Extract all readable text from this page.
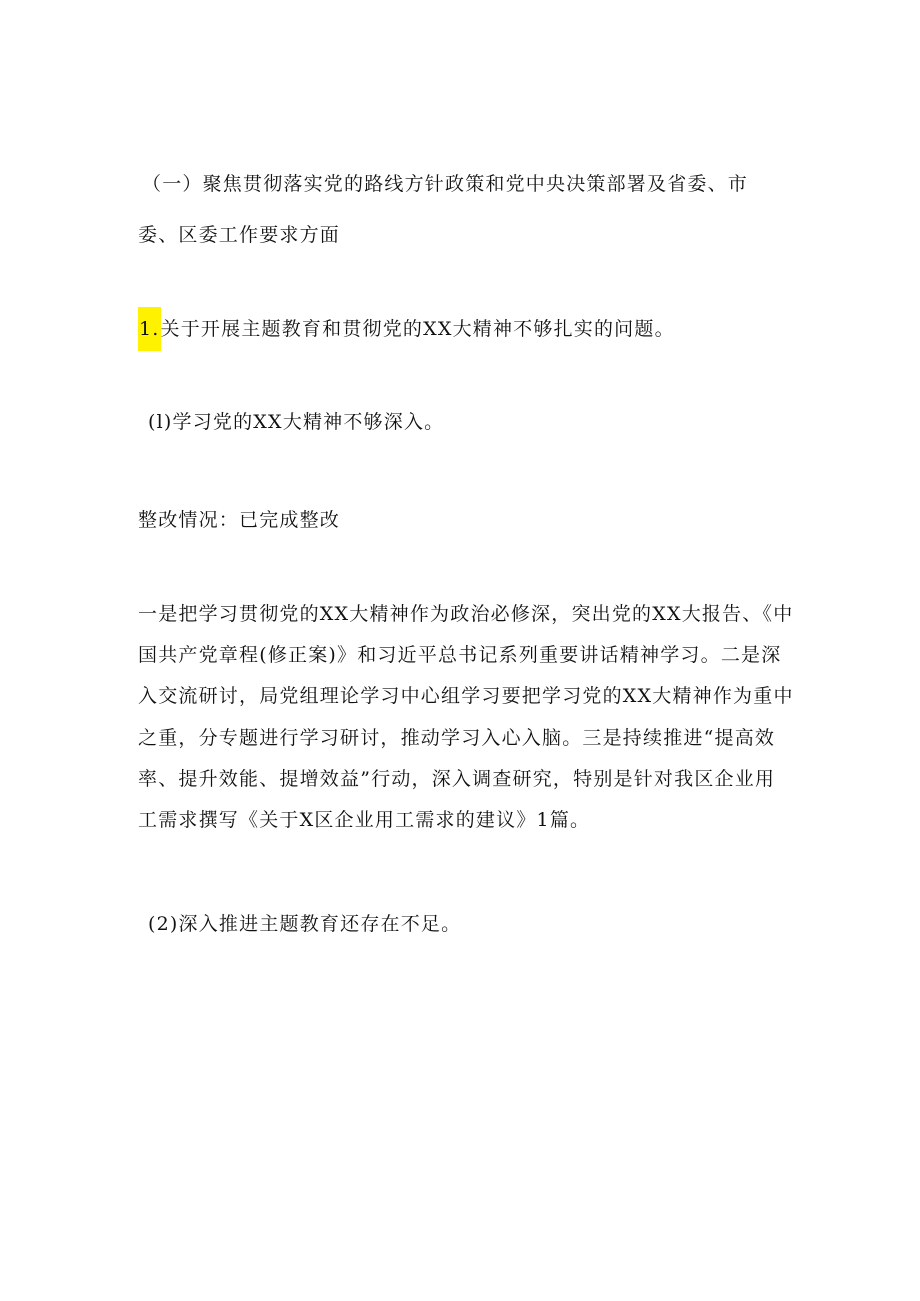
（一）聚焦贯彻落实党的路线方针政策和党中央决策部署及省委、市
委、区委工作要求方面
1.关于开展主题教育和贯彻党的XX大精神不够扎实的问题。
(l)学习党的XX大精神不够深入。
整改情况：已完成整改
一是把学习贯彻党的XX大精神作为政治必修深，突出党的XX大报告、《中
国共产党章程(修正案)》和习近平总书记系列重要讲话精神学习。二是深
入交流研讨，局党组理论学习中心组学习要把学习党的XX大精神作为重中
之重，分专题进行学习研讨，推动学习入心入脑。三是持续推进“提高效
率、提升效能、提增效益”行动，深入调查研究，特别是针对我区企业用
工需求撰写《关于X区企业用工需求的建议》1篇。
(2)深入推进主题教育还存在不足。
